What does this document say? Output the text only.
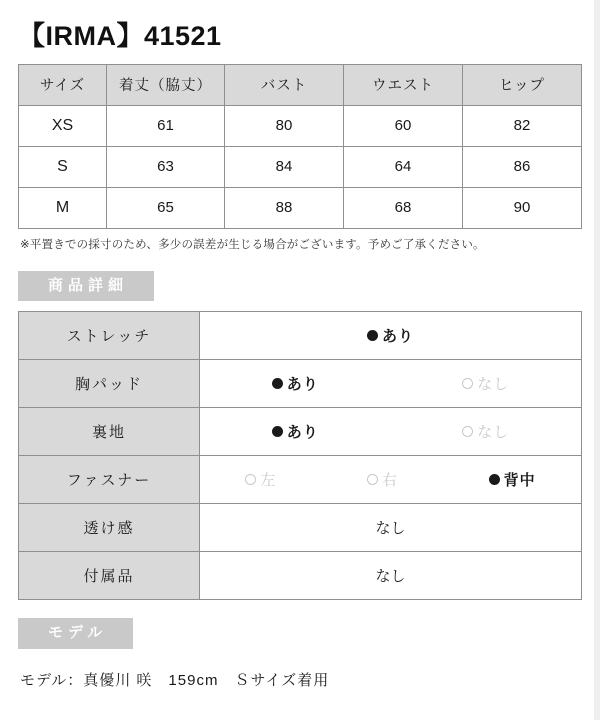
【IRMA】41521
サイズ	着丈（脇丈）	バスト	ウエスト	ヒップ
XS	61	80	60	82
S	63	84	64	86
M	65	88	68	90
※平置きでの採寸のため、多少の誤差が生じる場合がございます。予めご了承ください。
商品詳細
ストレッチ	あり

胸パッド	あり なし

裏地	あり なし

ファスナー	左 右 背中

透け感	なし
付属品	なし
モデル
モデル：真優川 咲　159cm　Ｓサイズ着用
